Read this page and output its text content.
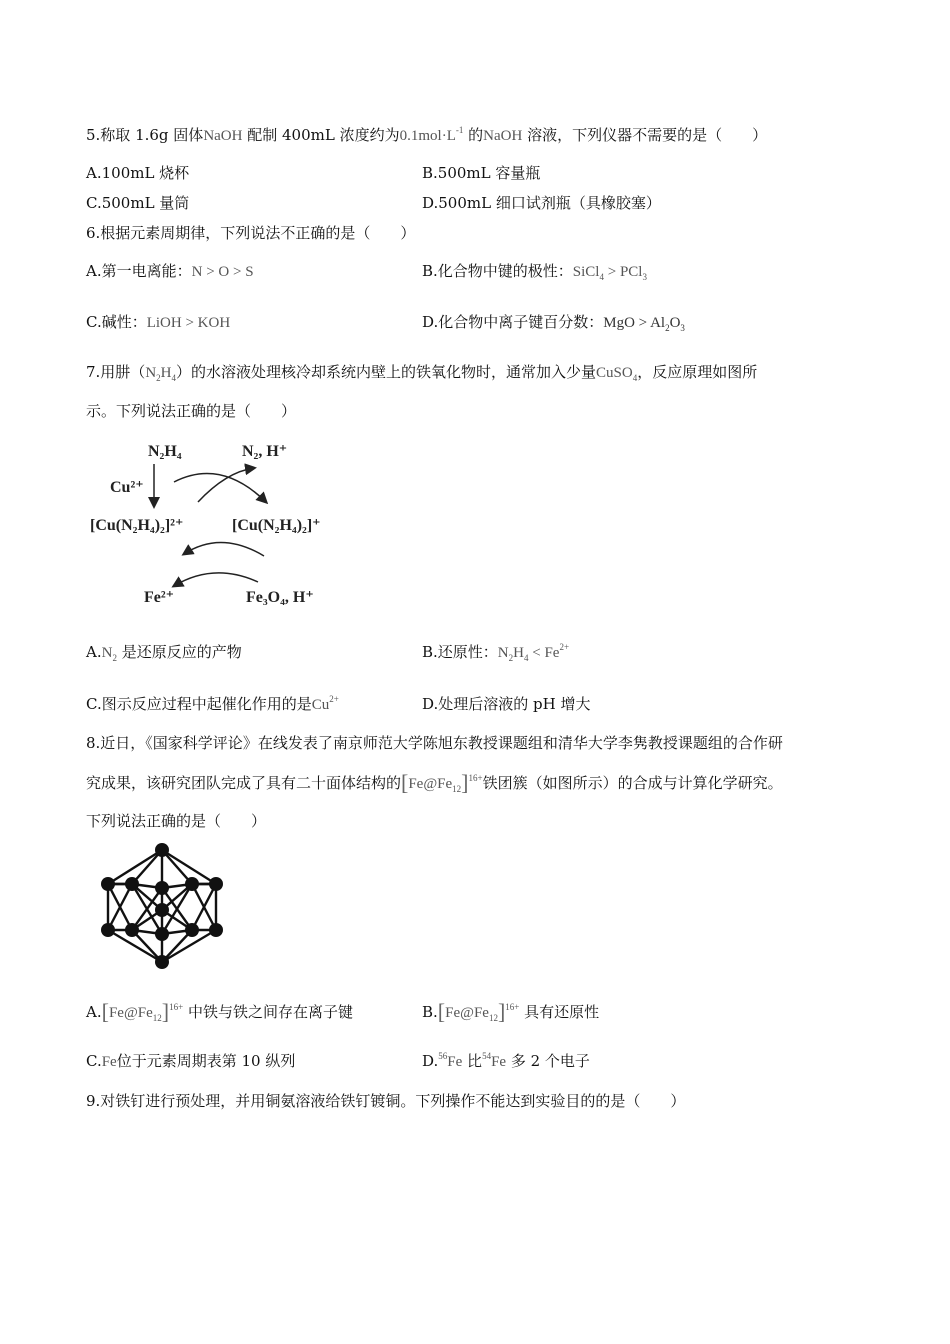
5.称取 1.6g 固体NaOH 配制 400mL 浓度约为$0.1mol\cdot L^{-1}$ 的NaOH 溶液，下列仪器不需要的是（　　）
A.100mL 烧杯	B.500mL 容量瓶
C.500mL 量筒	D.500mL 细口试剂瓶（具橡胶塞）
6.根据元素周期律，下列说法不正确的是（　　）
A.第一电离能：N > O > S	B.化合物中键的极性：SiCl$_4$ > PCl$_3$
C.碱性：LiOH > KOH	D.化合物中离子键百分数：MgO > $Al_2O_3$
7.用肼$(N_2H_4)$的水溶液处理核冷却系统内壁上的铁氧化物时，通常加入少量CuSO$_4$，反应原理如图所
示。下列说法正确的是（　　）
N₂H₄	N₂, H⁺
Cu²⁺
[Cu(N₂H₄)₂]²⁺	[Cu(N₂H₄)₂]⁺
Fe²⁺	Fe₃O₄, H⁺
$A.N_2$ 是还原反应的产物	B.还原性：$N_2H_4 < Fe^{2+}$
C.图示反应过程中起催化作用的是$Cu^{2+}$	D.处理后溶液的 pH 增大
8.近日，《国家科学评论》在线发表了南京师范大学陈旭东教授课题组和清华大学李隽教授课题组的合作研
究成果，该研究团队完成了具有二十面体结构的$[Fe@Fe_{12}]^{16+}$铁团簇（如图所示）的合成与计算化学研究。
下列说法正确的是（　　）
$A.[Fe@Fe_{12}]^{16+}$ 中铁与铁之间存在离子键	$B.[Fe@Fe_{12}]^{16+}$ 具有还原性
C.Fe位于元素周期表第 10 纵列	D.$^{56}$Fe 比$^{54}$Fe 多 2 个电子
9.对铁钉进行预处理，并用铜氨溶液给铁钉镀铜。下列操作不能达到实验目的的是（　　）
